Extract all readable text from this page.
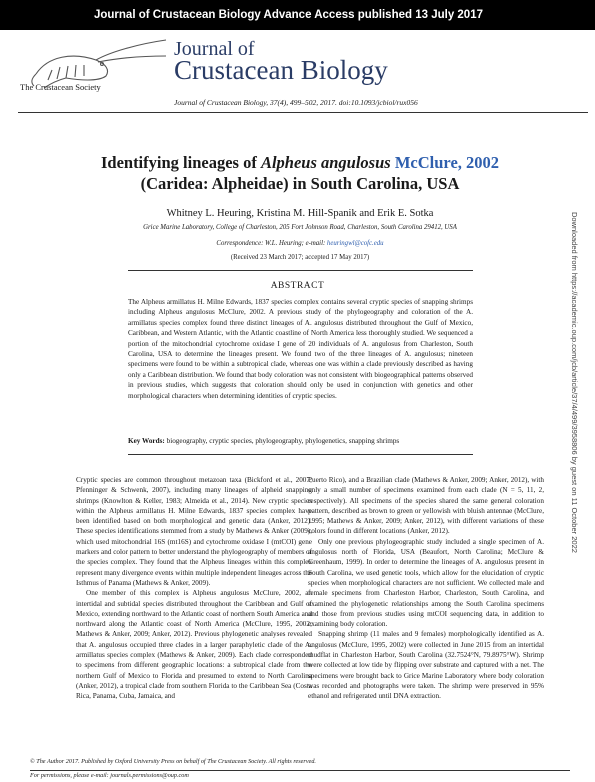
Journal of Crustacean Biology Advance Access published 13 July 2017
The Crustacean Society
Journal of
Crustacean Biology
Journal of Crustacean Biology, 37(4), 499–502, 2017. doi:10.1093/jcbiol/rux056
Identifying lineages of Alpheus angulosus McClure, 2002
(Caridea: Alpheidae) in South Carolina, USA
Whitney L. Heuring, Kristina M. Hill-Spanik and Erik E. Sotka
Grice Marine Laboratory, College of Charleston, 205 Fort Johnson Road, Charleston, South Carolina 29412, USA
Correspondence: W.L. Heuring; e-mail: heuringwl@cofc.edu
(Received 23 March 2017; accepted 17 May 2017)
ABSTRACT
The Alpheus armillatus H. Milne Edwards, 1837 species complex contains several cryptic species of snapping shrimps including Alpheus angulosus McClure, 2002. A previous study of the phylogeography and coloration of the A. armillatus species complex found three distinct lineages of A. angulosus distributed throughout the Gulf of Mexico, Caribbean, and Western Atlantic, with the Atlantic coastline of North America less thoroughly studied. We sequenced a portion of the mitochondrial cytochrome oxidase I gene of 20 individuals of A. angulosus from Charleston, South Carolina, USA to determine the lineages present. We found two of the three lineages of A. angulosus; nineteen specimens were found to be within a subtropical clade, whereas one was within a clade previously described as having only a Caribbean distribution. We found that body coloration was not consistent with biogeographical patterns observed in previous studies, which suggests that coloration should only be used in conjunction with genetics and other morphological characters when determining identities of cryptic species.
Key Words: biogeography, cryptic species, phylogeography, phylogenetics, snapping shrimps

Cryptic species are common throughout metazoan taxa (Bickford et al., 2007; Pfenninger & Schwenk, 2007), including many lineages of alpheid snapping shrimps (Knowlton & Keller, 1983; Almeida et al., 2014). New cryptic species within the Alpheus armillatus H. Milne Edwards, 1837 species complex have been identified based on both morphological and genetic data (Anker, 2012). These species identifications stemmed from a study by Mathews & Anker (2009), which used mitochondrial 16S (mt16S) and cytochrome oxidase I (mtCOI) gene markers and color pattern to better understand the phylogeography of members of the species complex. They found that the Alpheus lineages within this complex represent many divergence events within multiple independent lineages across the Isthmus of Panama (Mathews & Anker, 2009).

One member of this complex is Alpheus angulosus McClure, 2002, an intertidal and subtidal species distributed throughout the Caribbean and Gulf of Mexico, extending northward to the Atlantic coast of northern South America and northward along the Atlantic coast of North America (McClure, 1995, 2002; Mathews & Anker, 2009; Anker, 2012). Previous phylogenetic analyses revealed that A. angulosus occupied three clades in a larger paraphyletic clade of the A. armillatus species complex (Mathews & Anker, 2009). Each clade corresponded to specimens from different geographic locations: a subtropical clade from the northern Gulf of Mexico to Florida and presumed to extend to North Carolina (Anker, 2012), a tropical clade from southern Florida to the Caribbean Sea (Costa Rica, Panama, Cuba, Jamaica, and

Puerto Rico), and a Brazilian clade (Mathews & Anker, 2009; Anker, 2012), with only a small number of specimens examined from each clade (N = 5, 11, 2, respectively). All specimens of the species shared the same general coloration pattern, described as brown to green or yellowish with bluish antennae (McClure, 1995; Mathews & Anker, 2009; Anker, 2012), with different variations of these colors found in different locations (Anker, 2012).

Only one previous phylogeographic study included a single specimen of A. angulosus north of Florida, USA (Beaufort, North Carolina; McClure & Greenhaum, 1999). In order to determine the lineages of A. angulosus present in South Carolina, we used genetic tools, which allow for the elucidation of cryptic species when morphological characters are not sufficient. We collected male and female specimens from Charleston Harbor, Charleston, South Carolina, and examined the phylogenetic relationships among the South Carolina specimens and those from previous studies using mtCOI sequencing data, in addition to examining body coloration.

Snapping shrimp (11 males and 9 females) morphologically identified as A. angulosus (McClure, 1995, 2002) were collected in June 2015 from an intertidal mudflat in Charleston Harbor, South Carolina (32.7524°N, 79.8975°W). Shrimp were collected at low tide by flipping over substrate and captured with a net. The specimens were brought back to Grice Marine Laboratory where body coloration was recorded and photographs were taken. The shrimp were preserved in 95% ethanol and refrigerated until DNA extraction.

© The Author 2017. Published by Oxford University Press on behalf of The Crustacean Society. All rights reserved.
For permissions, please e-mail: journals.permissions@oup.com
Downloaded from https://academic.oup.com/jcb/article/37/4/499/3958806 by guest on 11 October 2022
